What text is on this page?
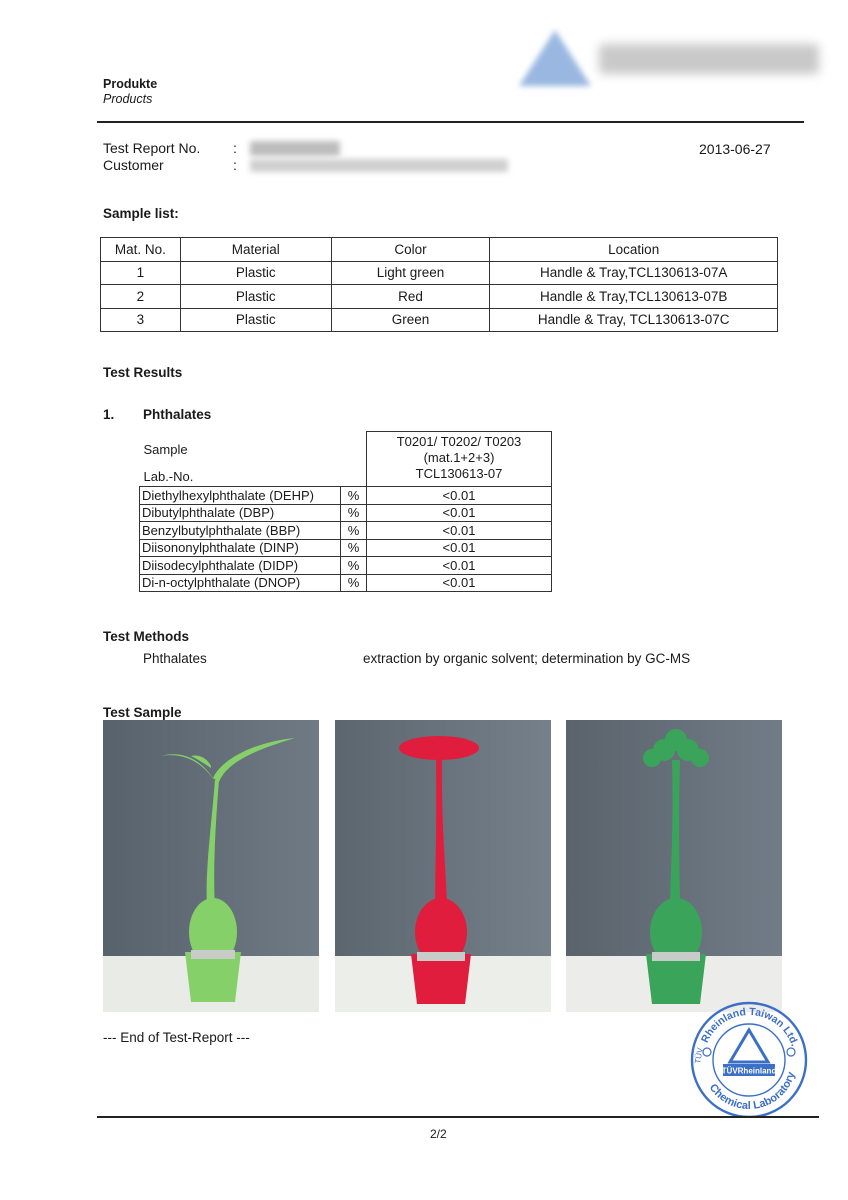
Produkte
Products
Test Report No. :
Customer	:
2013-06-27
Sample list:
Mat. No.	Material	Color	Location
1	Plastic	Light green	Handle & Tray,TCL130613-07A
2	Plastic	Red	Handle & Tray,TCL130613-07B
3	Plastic	Green	Handle & Tray, TCL130613-07C
Test Results
1. Phthalates
Sample		T0201/ T0202/ T0203
(mat.1+2+3)
TCL130613-07

Lab.-No.		
Diethylhexylphthalate (DEHP)	%	<0.01
Dibutylphthalate (DBP)	%	<0.01
Benzylbutylphthalate (BBP)	%	<0.01
Diisononylphthalate (DINP)	%	<0.01
Diisodecylphthalate (DIDP)	%	<0.01
Di-n-octylphthalate (DNOP)	%	<0.01
Test Methods
Phthalates	extraction by organic solvent; determination by GC-MS
Test Sample
--- End of Test-Report ---	Rheinland Taiwan Ltd.
Chemical Laboratory
TÜVRheinland
TÜV
2/2
